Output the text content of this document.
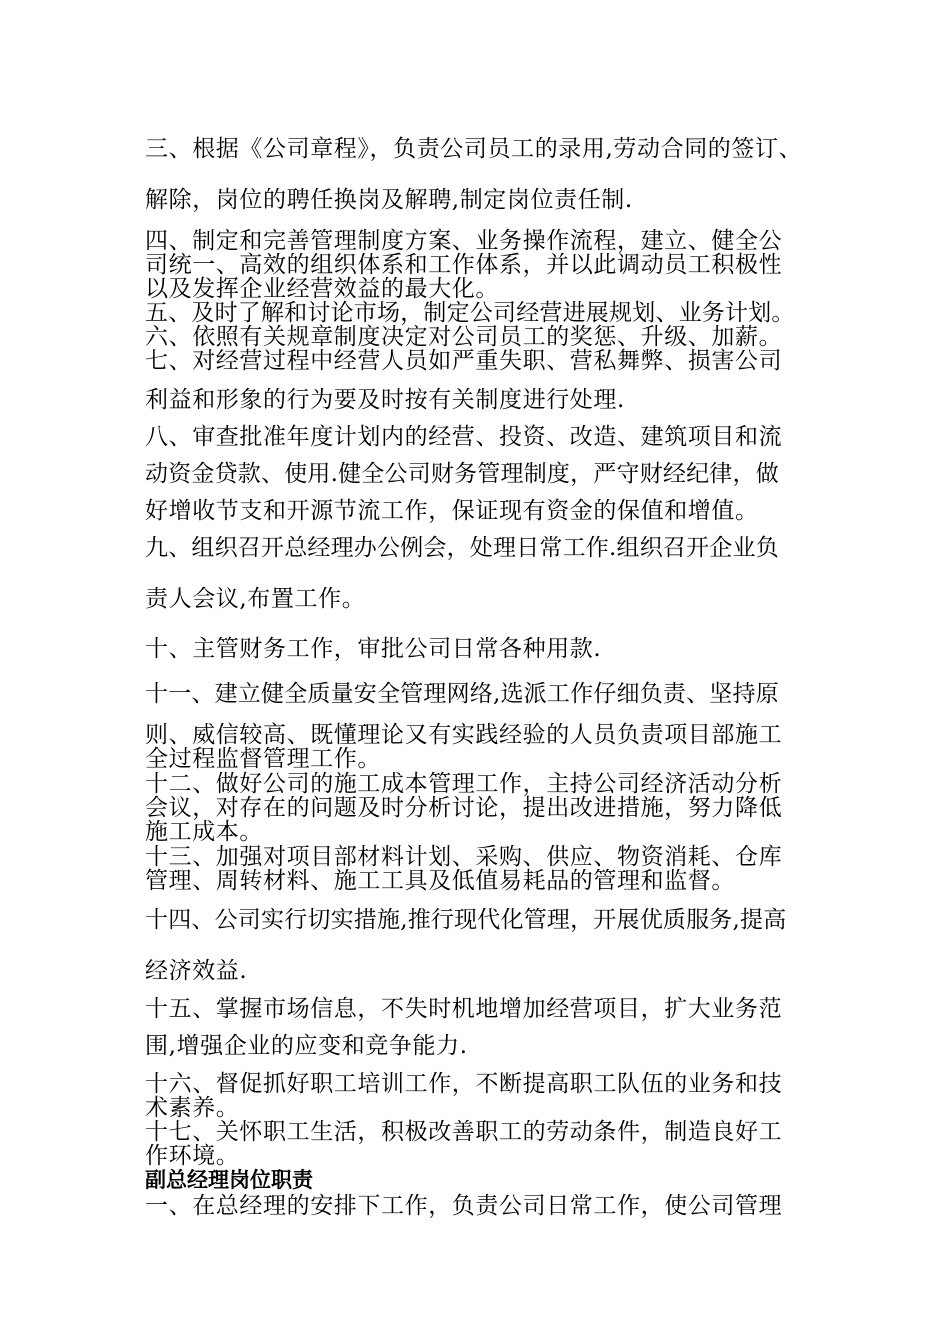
三、根据《公司章程》，负责公司员工的录用,劳动合同的签订、
解除，岗位的聘任换岗及解聘,制定岗位责任制.
四、制定和完善管理制度方案、业务操作流程，建立、健全公
司统一、高效的组织体系和工作体系，并以此调动员工积极性
以及发挥企业经营效益的最大化。
五、及时了解和讨论市场，制定公司经营进展规划、业务计划。
六、依照有关规章制度决定对公司员工的奖惩、升级、加薪。
七、对经营过程中经营人员如严重失职、营私舞弊、损害公司
利益和形象的行为要及时按有关制度进行处理.
八、审查批准年度计划内的经营、投资、改造、建筑项目和流
动资金贷款、使用.健全公司财务管理制度，严守财经纪律，做
好增收节支和开源节流工作，保证现有资金的保值和增值。
九、组织召开总经理办公例会，处理日常工作.组织召开企业负
责人会议,布置工作。
十、主管财务工作，审批公司日常各种用款.
十一、建立健全质量安全管理网络,选派工作仔细负责、坚持原
则、威信较高、既懂理论又有实践经验的人员负责项目部施工
全过程监督管理工作。
十二、做好公司的施工成本管理工作，主持公司经济活动分析
会议，对存在的问题及时分析讨论，提出改进措施，努力降低
施工成本。
十三、加强对项目部材料计划、采购、供应、物资消耗、仓库
管理、周转材料、施工工具及低值易耗品的管理和监督。
十四、公司实行切实措施,推行现代化管理，开展优质服务,提高
经济效益.
十五、掌握市场信息，不失时机地增加经营项目，扩大业务范
围,增强企业的应变和竞争能力.
十六、督促抓好职工培训工作，不断提高职工队伍的业务和技
术素养。
十七、关怀职工生活，积极改善职工的劳动条件，制造良好工
作环境。
副总经理岗位职责
一、在总经理的安排下工作，负责公司日常工作，使公司管理
